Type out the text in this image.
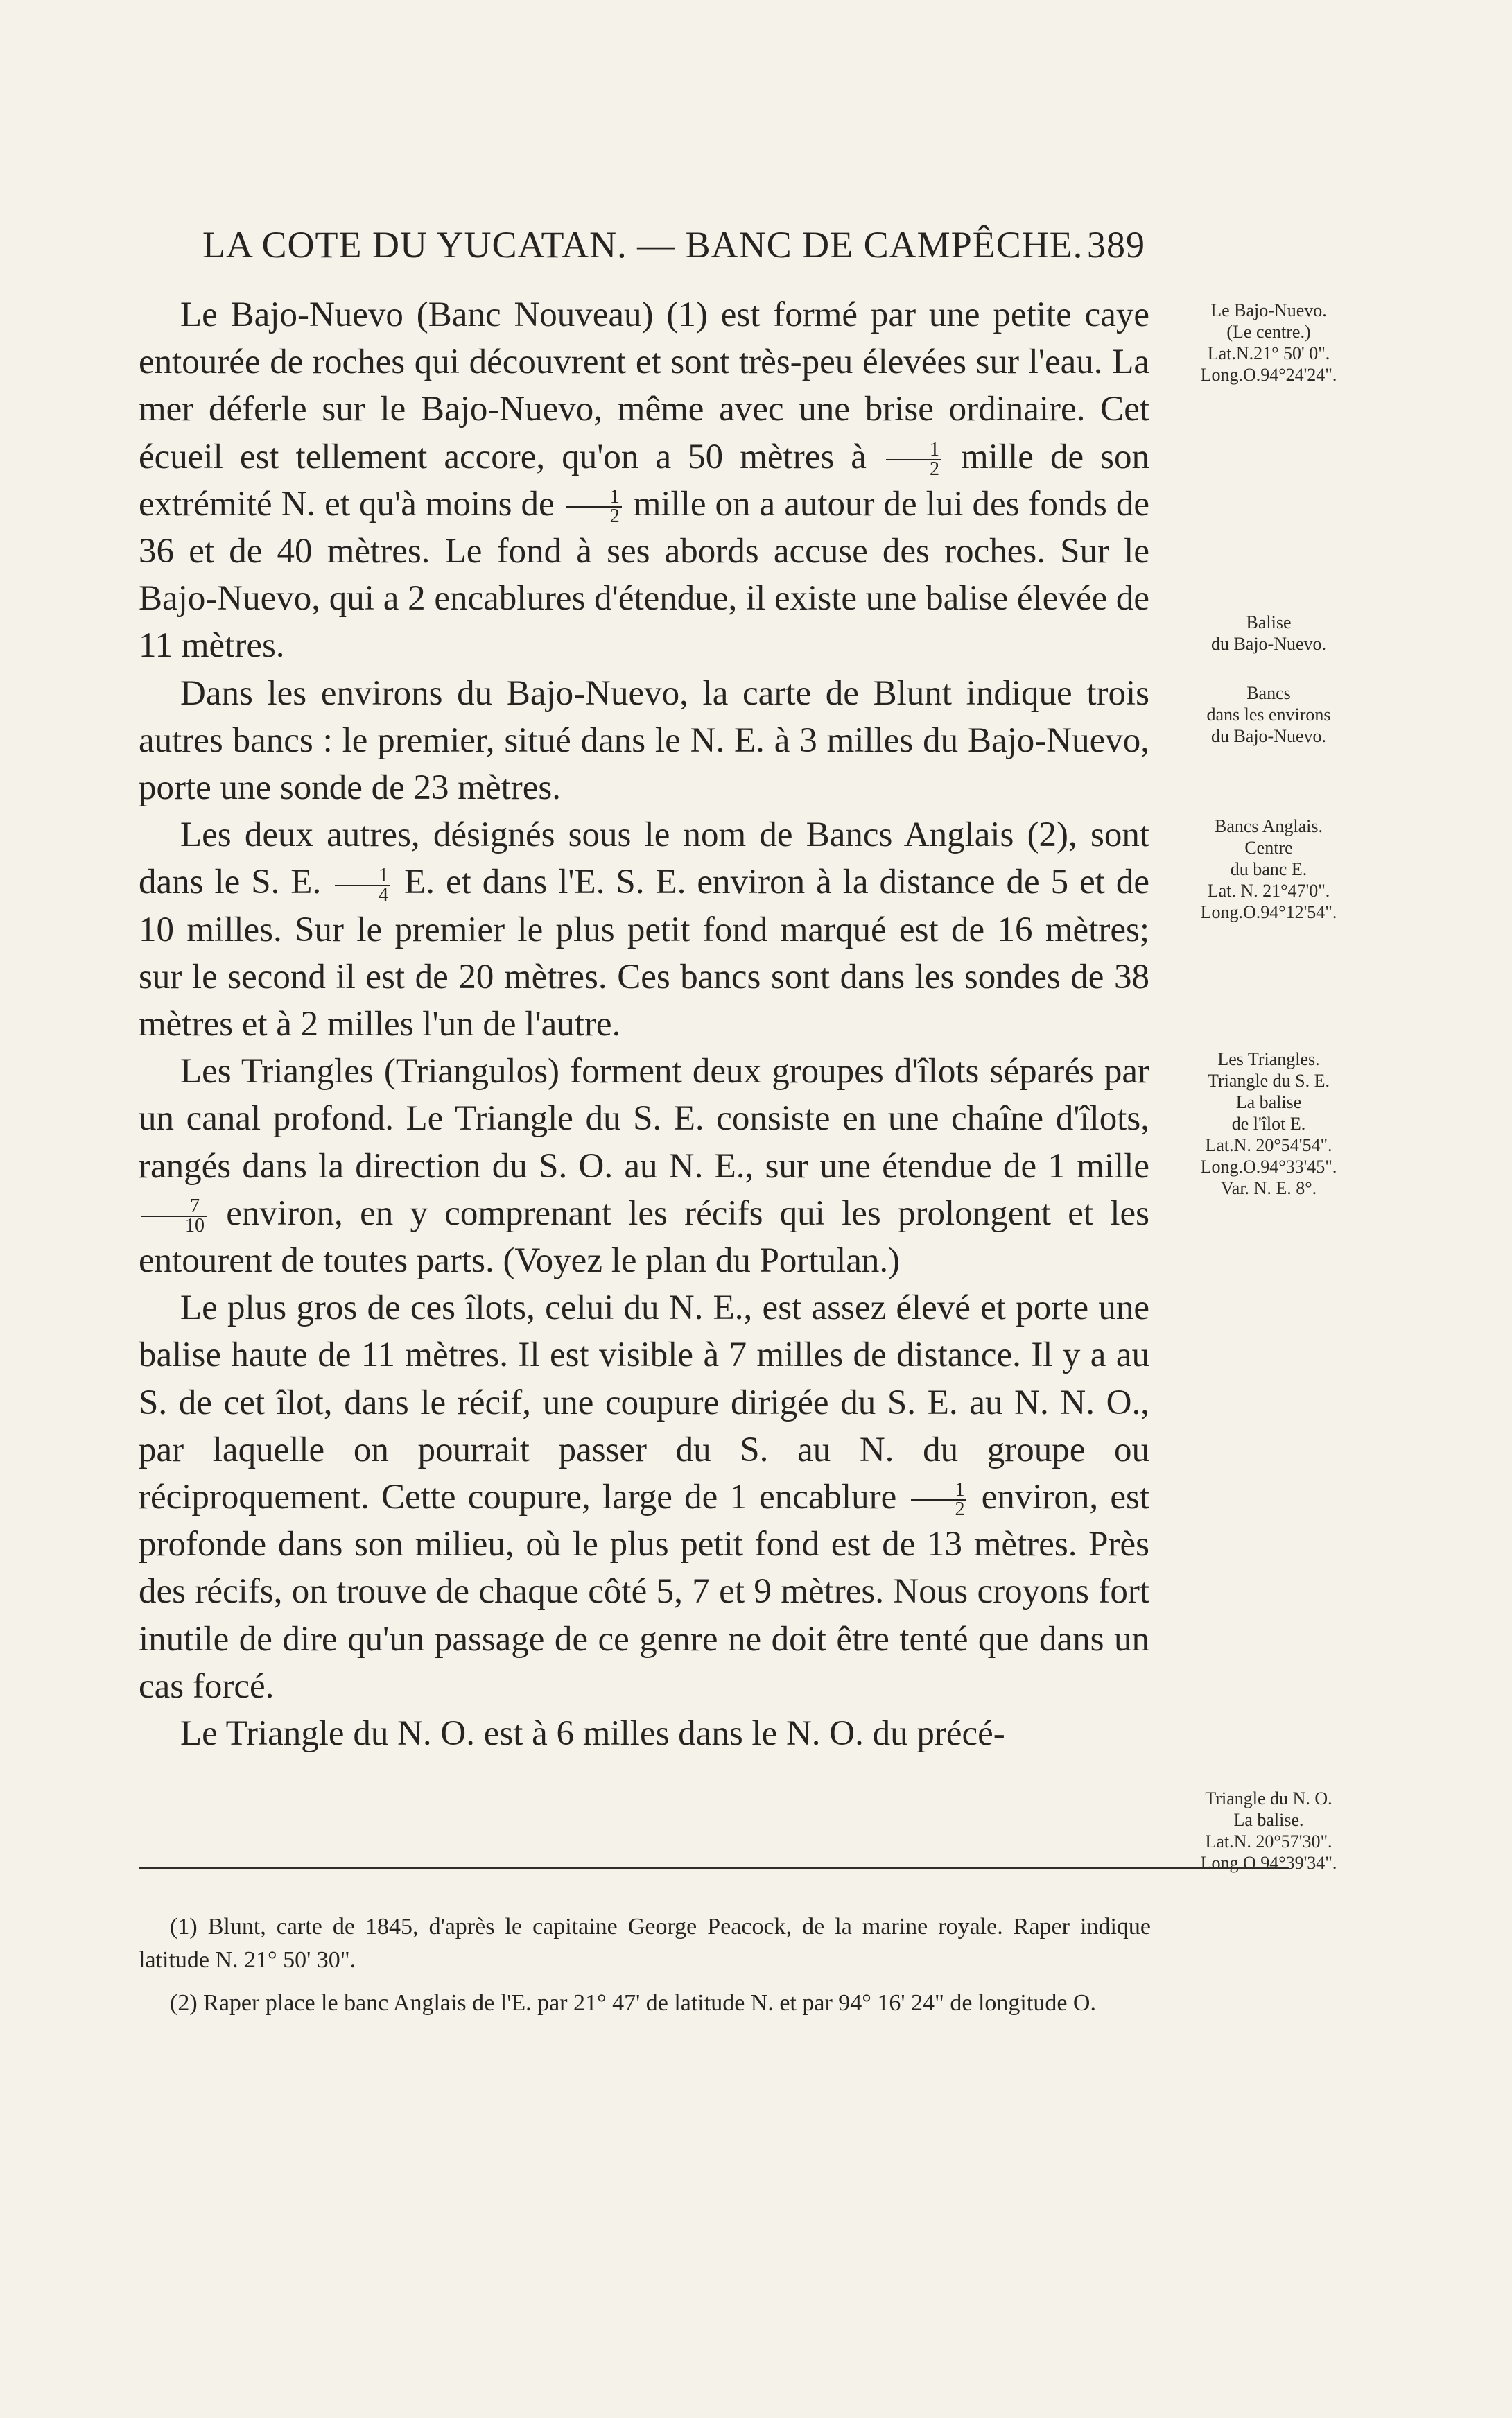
LA COTE DU YUCATAN. — BANC DE CAMPÊCHE. 389

Le Bajo-Nuevo (Banc Nouveau) (1) est formé par une petite caye entourée de roches qui découvrent et sont très-peu élevées sur l'eau. La mer déferle sur le Bajo-Nuevo, même avec une brise ordinaire. Cet écueil est tellement accore, qu'on a 50 mètres à $\frac{1}{2}$ mille de son extrémité N. et qu'à moins de $\frac{1}{2}$ mille on a autour de lui des fonds de 36 et de 40 mètres. Le fond à ses abords accuse des roches. Sur le Bajo-Nuevo, qui a 2 encablures d'étendue, il existe une balise élevée de 11 mètres.

Dans les environs du Bajo-Nuevo, la carte de Blunt indique trois autres bancs : le premier, situé dans le N. E. à 3 milles du Bajo-Nuevo, porte une sonde de 23 mètres.

Les deux autres, désignés sous le nom de Bancs Anglais (2), sont dans le S. E. $\frac{1}{4} E$. et dans l'E. S. E. environ à la distance de 5 et de 10 milles. Sur le premier le plus petit fond marqué est de 16 mètres; sur le second il est de 20 mètres. Ces bancs sont dans les sondes de 38 mètres et à 2 milles l'un de l'autre.

Les Triangles (Triangulos) forment deux groupes d'îlots séparés par un canal profond. Le Triangle du S. E. consiste en une chaîne d'îlots, rangés dans la direction du S. O. au N. E., sur une étendue de 1 mille
$\frac{7}{10}$ environ, en y comprenant les récifs qui les prolongent et les entourent de toutes parts. (Voyez le plan du Portulan.)

Le plus gros de ces îlots, celui du N. E., est assez élevé et porte une balise haute de 11 mètres. Il est visible à 7 milles de distance. Il y a au S. de cet îlot, dans le récif, une coupure dirigée du S. E. au N. N. O., par laquelle on pourrait passer du S. au N. du groupe ou réciproquement. Cette coupure, large de 1 encablure $\frac{1}{2}$ environ, est profonde dans son milieu, où le plus petit fond est de 13 mètres. Près des récifs, on trouve de chaque côté 5, 7 et 9 mètres. Nous croyons fort inutile de dire qu'un passage de ce genre ne doit être tenté que dans un cas forcé.

Le Triangle du N. O. est à 6 milles dans le N. O. du précé-

Le Bajo-Nuevo.
(Le centre.)
Lat.N.21° 50' 0".
Long.O.94°24'24".
Balise
du Bajo-Nuevo.
Bancs
dans les environs
du Bajo-Nuevo.
Bancs Anglais.
Centre
du banc E.
Lat. N. 21°47'0".
Long.O.94°12'54".
Les Triangles.
Triangle du S. E.
La balise
de l'îlot E.
Lat.N. 20°54'54".
Long.O.94°33'45".
Var. N. E. 8°.
Triangle du N. O.
La balise.
Lat.N. 20°57'30".
Long.O.94°39'34".

(1) Blunt, carte de 1845, d'après le capitaine George Peacock, de la marine royale. Raper indique latitude N. 21° 50' 30".

(2) Raper place le banc Anglais de l'E. par 21° 47' de latitude N. et par 94° 16' 24" de longitude O.
